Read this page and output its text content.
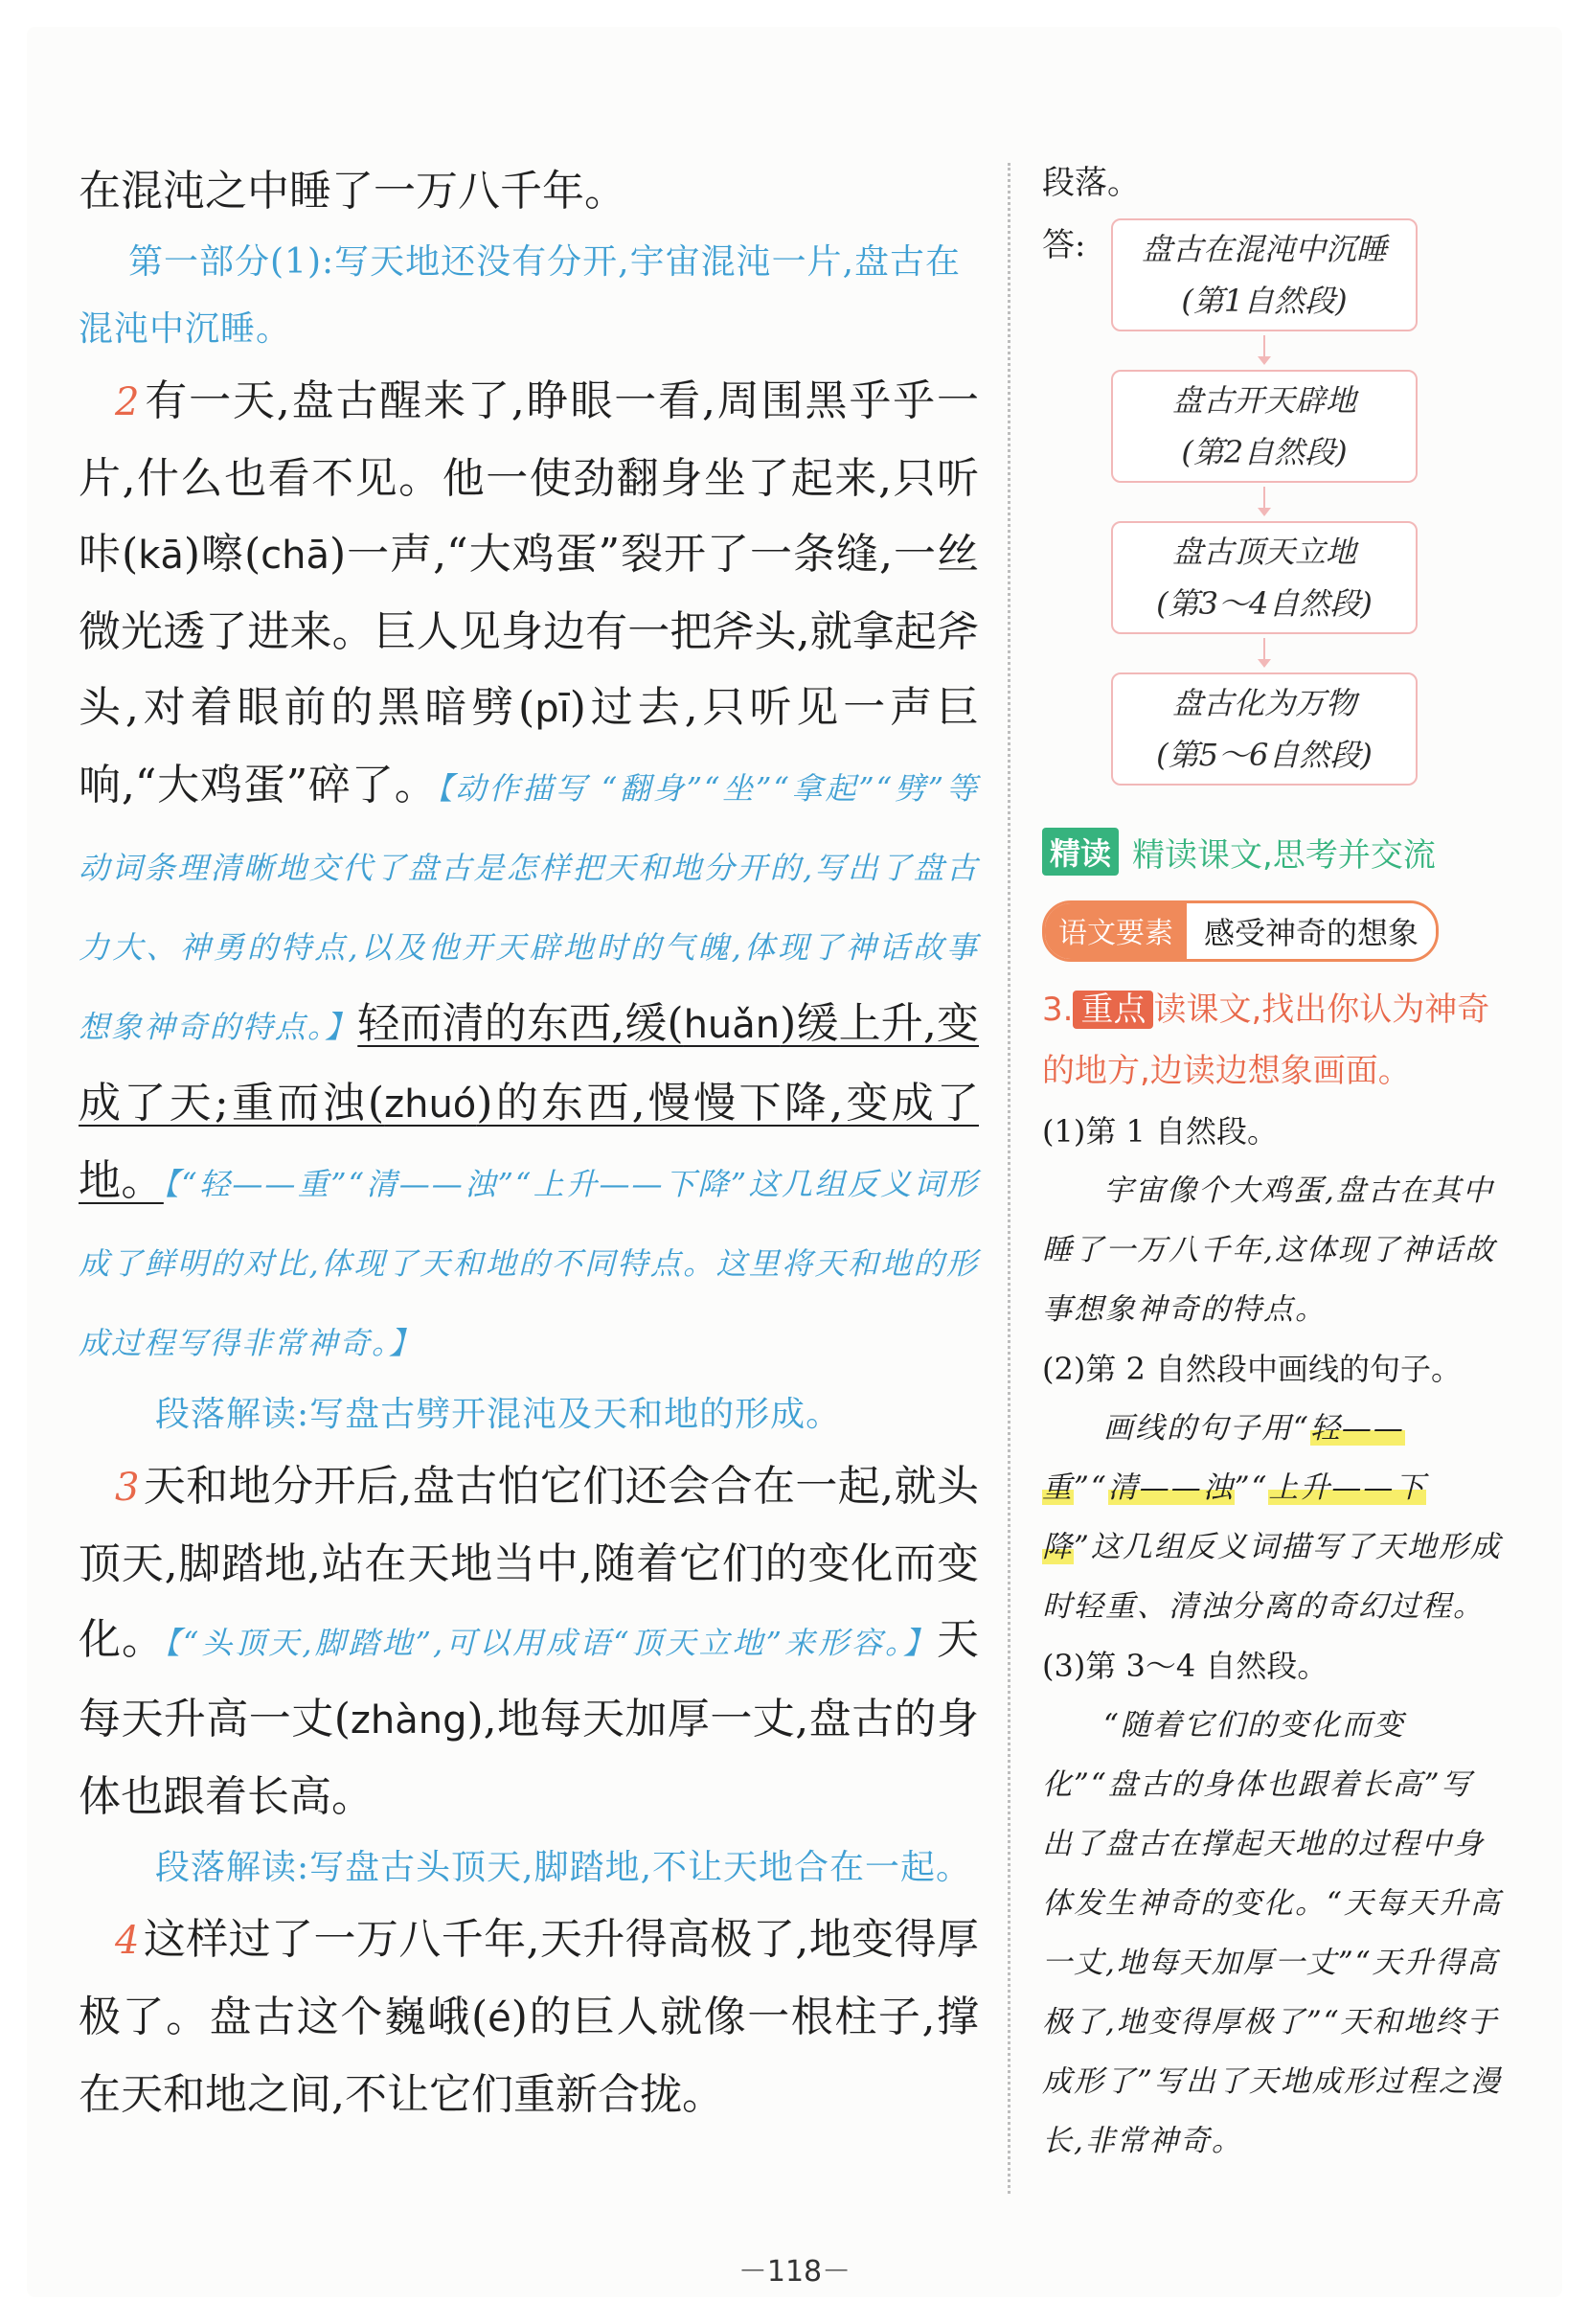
在混沌之中睡了一万八千年。

第一部分(1):写天地还没有分开,宇宙混沌一片,盘古在混沌中沉睡。

2有一天,盘古醒来了,睁眼一看,周围黑乎乎一片,什么也看不见。他一使劲翻身坐了起来,只听咔(kā)嚓(chā)一声,“大鸡蛋”裂开了一条缝,一丝微光透了进来。巨人见身边有一把斧头,就拿起斧头,对着眼前的黑暗劈(pī)过去,只听见一声巨响,“大鸡蛋”碎了。【动作描写 “翻身”“坐”“拿起”“劈”等动词条理清晰地交代了盘古是怎样把天和地分开的,写出了盘古力大、神勇的特点,以及他开天辟地时的气魄,体现了神话故事想象神奇的特点。】轻而清的东西,缓(huǎn)缓上升,变成了天;重而浊(zhuó)的东西,慢慢下降,变成了地。【“轻——重”“清——浊”“上升——下降”这几组反义词形成了鲜明的对比,体现了天和地的不同特点。这里将天和地的形成过程写得非常神奇。】

段落解读:写盘古劈开混沌及天和地的形成。

3天和地分开后,盘古怕它们还会合在一起,就头顶天,脚踏地,站在天地当中,随着它们的变化而变化。【“头顶天,脚踏地”,可以用成语“顶天立地”来形容。】天每天升高一丈(zhàng),地每天加厚一丈,盘古的身体也跟着长高。

段落解读:写盘古头顶天,脚踏地,不让天地合在一起。

4这样过了一万八千年,天升得高极了,地变得厚极了。盘古这个巍峨(é)的巨人就像一根柱子,撑在天和地之间,不让它们重新合拢。

段落。

答: 盘古在混沌中沉睡
(第1自然段)
盘古开天辟地
(第2自然段)
盘古顶天立地
(第3～4自然段)
盘古化为万物
(第5～6自然段)
精读 精读课文,思考并交流
语文要素	感受神奇的想象
3. 重点 读课文,找出你认为神奇的地方,边读边想象画面。

(1)第 1 自然段。

宇宙像个大鸡蛋,盘古在其中睡了一万八千年,这体现了神话故事想象神奇的特点。

(2)第 2 自然段中画线的句子。

画线的句子用“轻——重”“清——浊”“上升——下降”这几组反义词描写了天地形成时轻重、清浊分离的奇幻过程。

(3)第 3～4 自然段。

“随着它们的变化而变化”“盘古的身体也跟着长高”写出了盘古在撑起天地的过程中身体发生神奇的变化。“天每天升高一丈,地每天加厚一丈”“天升得高极了,地变得厚极了”“天和地终于成形了”写出了天地成形过程之漫长,非常神奇。

－118－
